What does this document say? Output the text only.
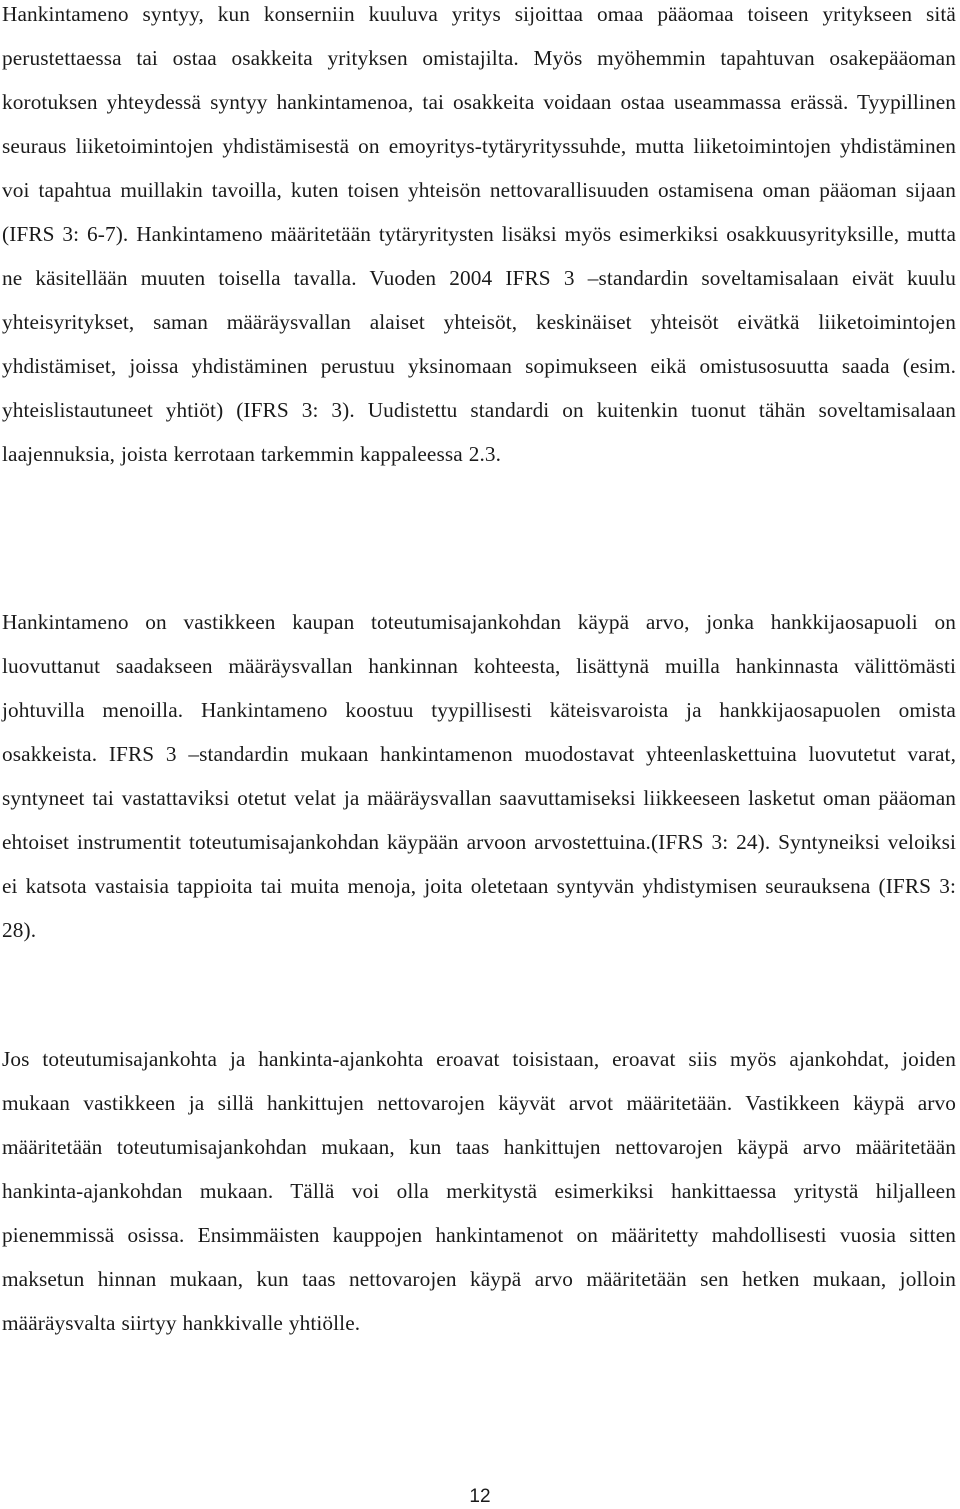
Hankintameno syntyy, kun konserniin kuuluva yritys sijoittaa omaa pääomaa toiseen yritykseen sitä perustettaessa tai ostaa osakkeita yrityksen omistajilta. Myös myöhemmin tapahtuvan osakepääoman korotuksen yhteydessä syntyy hankintamenoa, tai osakkeita voidaan ostaa useammassa erässä. Tyypillinen seuraus liiketoimintojen yhdistämisestä on emoyritys-tytäryrityssuhde, mutta liiketoimintojen yhdistäminen voi tapahtua muillakin tavoilla, kuten toisen yhteisön nettovarallisuuden ostamisena oman pääoman sijaan (IFRS 3: 6-7). Hankintameno määritetään tytäryritysten lisäksi myös esimerkiksi osakkuusyrityksille, mutta ne käsitellään muuten toisella tavalla. Vuoden 2004 IFRS 3 –standardin soveltamisalaan eivät kuulu yhteisyritykset, saman määräysvallan alaiset yhteisöt, keskinäiset yhteisöt eivätkä liiketoimintojen yhdistämiset, joissa yhdistäminen perustuu yksinomaan sopimukseen eikä omistusosuutta saada (esim. yhteislistautuneet yhtiöt) (IFRS 3: 3). Uudistettu standardi on kuitenkin tuonut tähän soveltamisalaan laajennuksia, joista kerrotaan tarkemmin kappaleessa 2.3.

Hankintameno on vastikkeen kaupan toteutumisajankohdan käypä arvo, jonka hankkijaosapuoli on luovuttanut saadakseen määräysvallan hankinnan kohteesta, lisättynä muilla hankinnasta välittömästi johtuvilla menoilla. Hankintameno koostuu tyypillisesti käteisvaroista ja hankkijaosapuolen omista osakkeista. IFRS 3 –standardin mukaan hankintamenon muodostavat yhteenlaskettuina luovutetut varat, syntyneet tai vastattaviksi otetut velat ja määräysvallan saavuttamiseksi liikkeeseen lasketut oman pääoman ehtoiset instrumentit toteutumisajankohdan käypään arvoon arvostettuina.(IFRS 3: 24). Syntyneiksi veloiksi ei katsota vastaisia tappioita tai muita menoja, joita oletetaan syntyvän yhdistymisen seurauksena (IFRS 3: 28).

Jos toteutumisajankohta ja hankinta-ajankohta eroavat toisistaan, eroavat siis myös ajankohdat, joiden mukaan vastikkeen ja sillä hankittujen nettovarojen käyvät arvot määritetään. Vastikkeen käypä arvo määritetään toteutumisajankohdan mukaan, kun taas hankittujen nettovarojen käypä arvo määritetään hankinta-ajankohdan mukaan. Tällä voi olla merkitystä esimerkiksi hankittaessa yritystä hiljalleen pienemmissä osissa. Ensimmäisten kauppojen hankintamenot on määritetty mahdollisesti vuosia sitten maksetun hinnan mukaan, kun taas nettovarojen käypä arvo määritetään sen hetken mukaan, jolloin määräysvalta siirtyy hankkivalle yhtiölle.

12
